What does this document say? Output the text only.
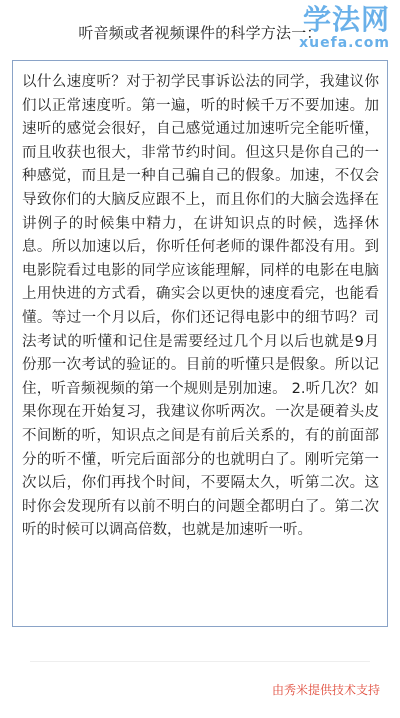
听音频或者视频课件的科学方法一：
学法网
xuefa.com

以什么速度听？对于初学民事诉讼法的同学，我建议你们以正常速度听。第一遍，听的时候千万不要加速。加速听的感觉会很好，自己感觉通过加速听完全能听懂，而且收获也很大，非常节约时间。但这只是你自己的一种感觉，而且是一种自己骗自己的假象。加速，不仅会导致你们的大脑反应跟不上，而且你们的大脑会选择在讲例子的时候集中精力，在讲知识点的时候，选择休息。所以加速以后，你听任何老师的课件都没有用。到电影院看过电影的同学应该能理解，同样的电影在电脑上用快进的方式看，确实会以更快的速度看完，也能看懂。等过一个月以后，你们还记得电影中的细节吗？司法考试的听懂和记住是需要经过几个月以后也就是9月份那一次考试的验证的。目前的听懂只是假象。所以记住，听音频视频的第一个规则是别加速。 2.听几次？如果你现在开始复习，我建议你听两次。一次是硬着头皮不间断的听，知识点之间是有前后关系的，有的前面部分的听不懂，听完后面部分的也就明白了。刚听完第一次以后，你们再找个时间，不要隔太久，听第二次。这时你会发现所有以前不明白的问题全都明白了。第二次听的时候可以调高倍数，也就是加速听一听。

由秀米提供技术支持
